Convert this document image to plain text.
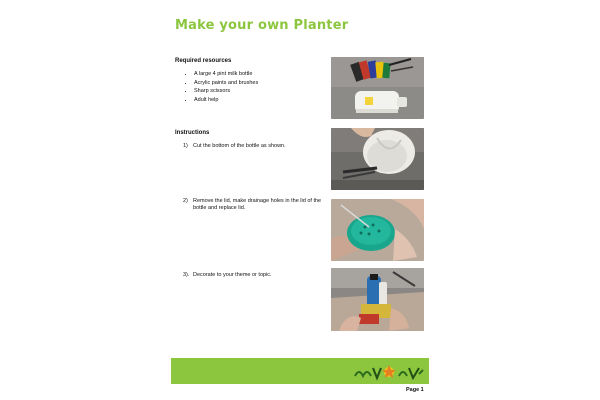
Make your own Planter
Required resources
• A large 4 pint milk bottle
• Acrylic paints and brushes
• Sharp scissors
• Adult help
Instructions
1) Cut the bottom of the bottle as shown.
2) Remove the lid, make drainage holes in the lid of the bottle and replace lid.
3). Decorate to your theme or topic.
Page 1
